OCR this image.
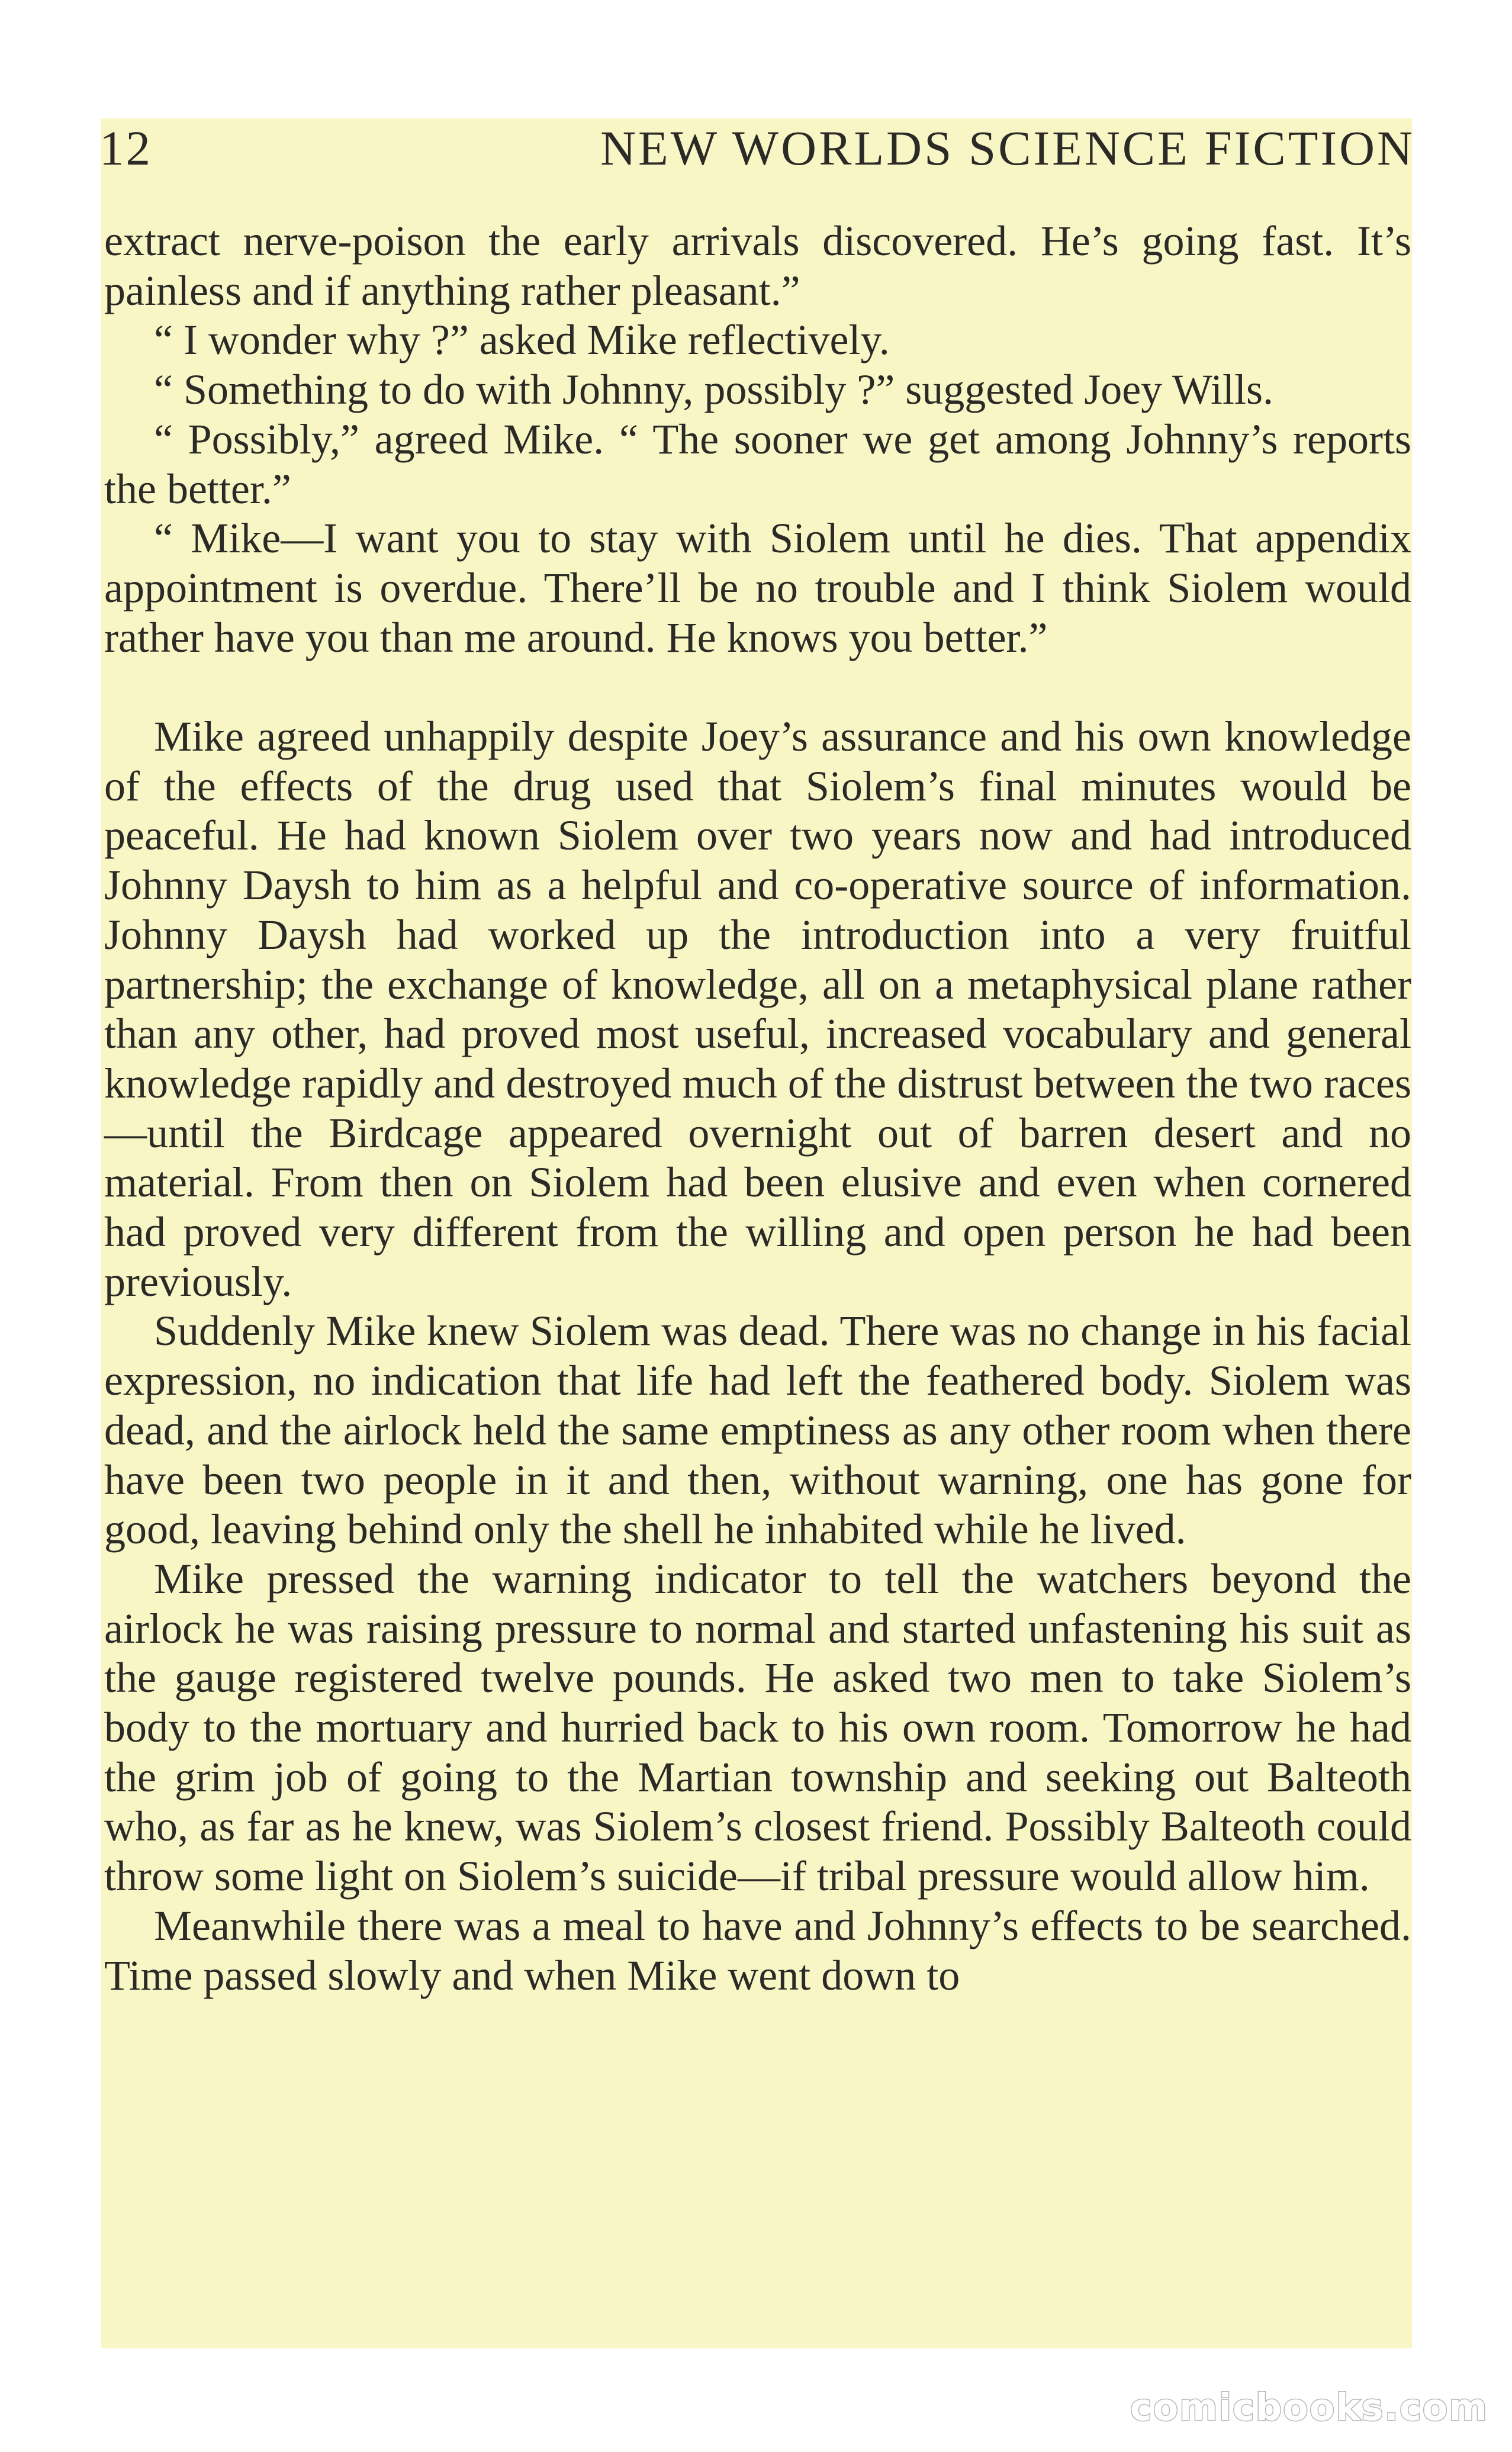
12	NEW WORLDS SCIENCE FICTION

extract nerve-poison the early arrivals discovered. He’s going fast. It’s painless and if anything rather pleasant.”

“ I wonder why ?” asked Mike reflectively.

“ Something to do with Johnny, possibly ?” suggested Joey Wills.

“ Possibly,” agreed Mike. “ The sooner we get among Johnny’s reports the better.”

“ Mike—I want you to stay with Siolem until he dies. That appendix appointment is overdue. There’ll be no trouble and I think Siolem would rather have you than me around. He knows you better.”

Mike agreed unhappily despite Joey’s assurance and his own knowledge of the effects of the drug used that Siolem’s final minutes would be peaceful. He had known Siolem over two years now and had introduced Johnny Daysh to him as a helpful and co-operative source of information. Johnny Daysh had worked up the introduction into a very fruitful partnership; the exchange of knowledge, all on a metaphysical plane rather than any other, had proved most useful, increased vocabulary and general knowledge rapidly and destroyed much of the distrust between the two races—until the Birdcage appeared overnight out of barren desert and no material. From then on Siolem had been elusive and even when cornered had proved very different from the willing and open person he had been previously.

Suddenly Mike knew Siolem was dead. There was no change in his facial expression, no indication that life had left the feathered body. Siolem was dead, and the airlock held the same emptiness as any other room when there have been two people in it and then, without warning, one has gone for good, leaving behind only the shell he inhabited while he lived.

Mike pressed the warning indicator to tell the watchers beyond the airlock he was raising pressure to normal and started unfastening his suit as the gauge registered twelve pounds. He asked two men to take Siolem’s body to the mortuary and hurried back to his own room. Tomorrow he had the grim job of going to the Martian township and seeking out Balteoth who, as far as he knew, was Siolem’s closest friend. Possibly Balteoth could throw some light on Siolem’s suicide—if tribal pressure would allow him.

Meanwhile there was a meal to have and Johnny’s effects to be searched. Time passed slowly and when Mike went down to

comicbooks.com
